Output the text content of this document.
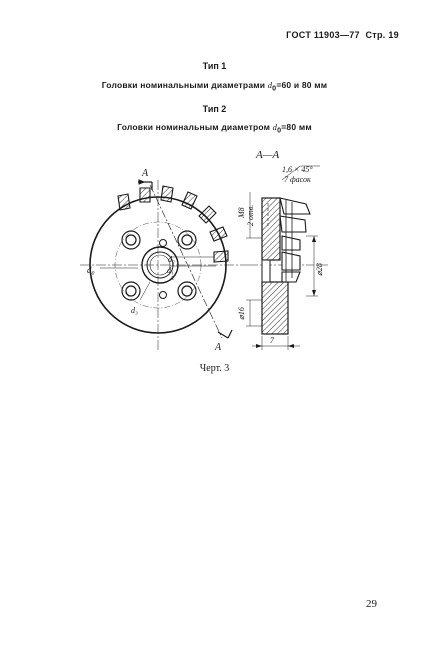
ГОСТ 11903—77 Стр. 19
Тип 1
Головки номинальными диаметрами $d_0=60$ и 80 мм
Тип 2
Головки номинальным диаметром $d_0=80$ мм
А
А
d₂
d₁
d₀
d₃
А
А—А
1,6 × 45°
7 фасок
М8 2 отв.
⌀28
⌀16
7
Черт. 3
29
